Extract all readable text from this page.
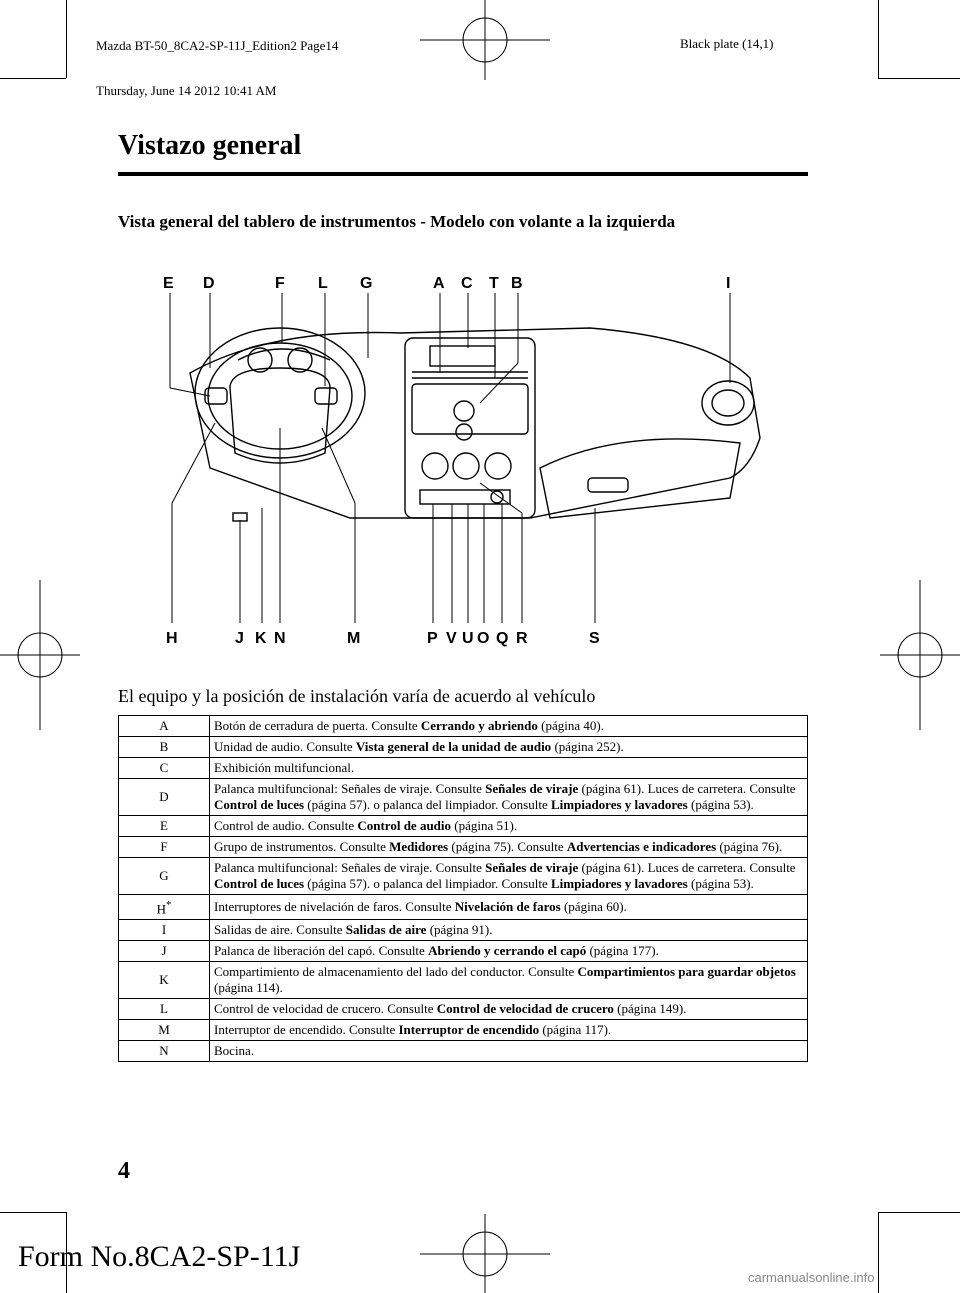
Mazda BT-50_8CA2-SP-11J_Edition2 Page14

Thursday, June 14 2012 10:41 AM

Black plate (14,1)
Vistazo general
Vista general del tablero de instrumentos - Modelo con volante a la izquierda
E D	F L G	A C T B	I
H	J K N	M	P V U O Q R	S
El equipo y la posición de instalación varía de acuerdo al vehículo
A	Botón de cerradura de puerta. Consulte Cerrando y abriendo (página 40).
B	Unidad de audio. Consulte Vista general de la unidad de audio (página 252).
C	Exhibición multifuncional.
D	Palanca multifuncional: Señales de viraje. Consulte Señales de viraje (página 61). Luces de carretera. Consulte Control de luces (página 57). o palanca del limpiador. Consulte Limpiadores y lavadores (página 53).
E	Control de audio. Consulte Control de audio (página 51).
F	Grupo de instrumentos. Consulte Medidores (página 75). Consulte Advertencias e indicadores (página 76).
G	Palanca multifuncional: Señales de viraje. Consulte Señales de viraje (página 61). Luces de carretera. Consulte Control de luces (página 57). o palanca del limpiador. Consulte Limpiadores y lavadores (página 53).
H*	Interruptores de nivelación de faros. Consulte Nivelación de faros (página 60).
I	Salidas de aire. Consulte Salidas de aire (página 91).
J	Palanca de liberación del capó. Consulte Abriendo y cerrando el capó (página 177).
K	Compartimiento de almacenamiento del lado del conductor. Consulte Compartimientos para guardar objetos (página 114).
L	Control de velocidad de crucero. Consulte Control de velocidad de crucero (página 149).
M	Interruptor de encendido. Consulte Interruptor de encendido (página 117).
N	Bocina.
4
Form No.8CA2-SP-11J
carmanualsonline.info
